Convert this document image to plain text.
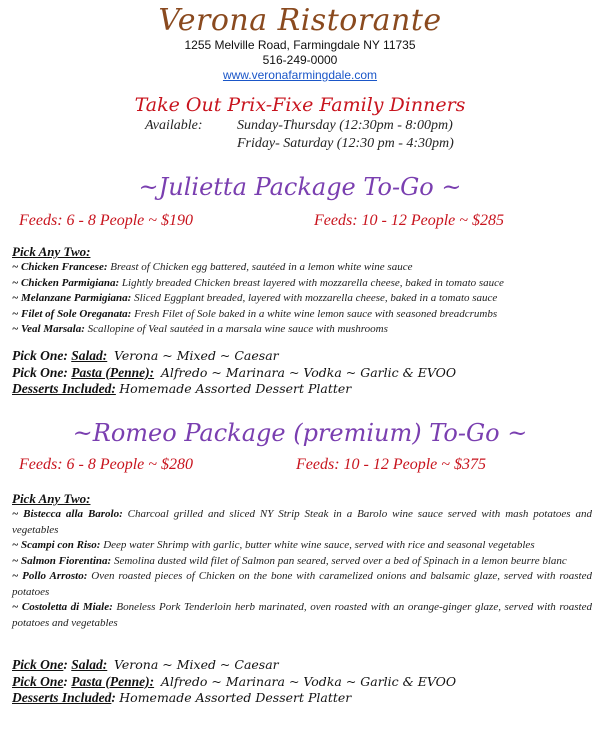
Verona Ristorante
1255 Melville Road, Farmingdale NY 11735
516-249-0000
www.veronafarmingdale.com
Take Out Prix-Fixe Family Dinners
Available:	Sunday-Thursday (12:30pm - 8:00pm)
Friday- Saturday (12:30 pm - 4:30pm)
~Julietta Package To-Go ~
Feeds: 6 - 8 People ~ $190	Feeds: 10 - 12 People ~ $285
Pick Any Two:
~ Chicken Francese: Breast of Chicken egg battered, sautéed in a lemon white wine sauce
~ Chicken Parmigiana: Lightly breaded Chicken breast layered with mozzarella cheese, baked in tomato sauce
~ Melanzane Parmigiana: Sliced Eggplant breaded, layered with mozzarella cheese, baked in a tomato sauce
~ Filet of Sole Oreganata: Fresh Filet of Sole baked in a white wine lemon sauce with seasoned breadcrumbs
~ Veal Marsala: Scallopine of Veal sautéed in a marsala wine sauce with mushrooms
Pick One: Salad: Verona ~ Mixed ~ Caesar
Pick One: Pasta (Penne): Alfredo ~ Marinara ~ Vodka ~ Garlic & EVOO
Desserts Included: Homemade Assorted Dessert Platter
~Romeo Package (premium) To-Go ~
Feeds: 6 - 8 People ~ $280	Feeds: 10 - 12 People ~ $375
Pick Any Two:
~ Bistecca alla Barolo: Charcoal grilled and sliced NY Strip Steak in a Barolo wine sauce served with mash potatoes and vegetables
~ Scampi con Riso: Deep water Shrimp with garlic, butter white wine sauce, served with rice and seasonal vegetables
~ Salmon Fiorentina: Semolina dusted wild filet of Salmon pan seared, served over a bed of Spinach in a lemon beurre blanc
~ Pollo Arrosto: Oven roasted pieces of Chicken on the bone with caramelized onions and balsamic glaze, served with roasted potatoes
~ Costoletta di Miale: Boneless Pork Tenderloin herb marinated, oven roasted with an orange-ginger glaze, served with roasted potatoes and vegetables
Pick One: Salad: Verona ~ Mixed ~ Caesar
Pick One: Pasta (Penne): Alfredo ~ Marinara ~ Vodka ~ Garlic & EVOO
Desserts Included: Homemade Assorted Dessert Platter
